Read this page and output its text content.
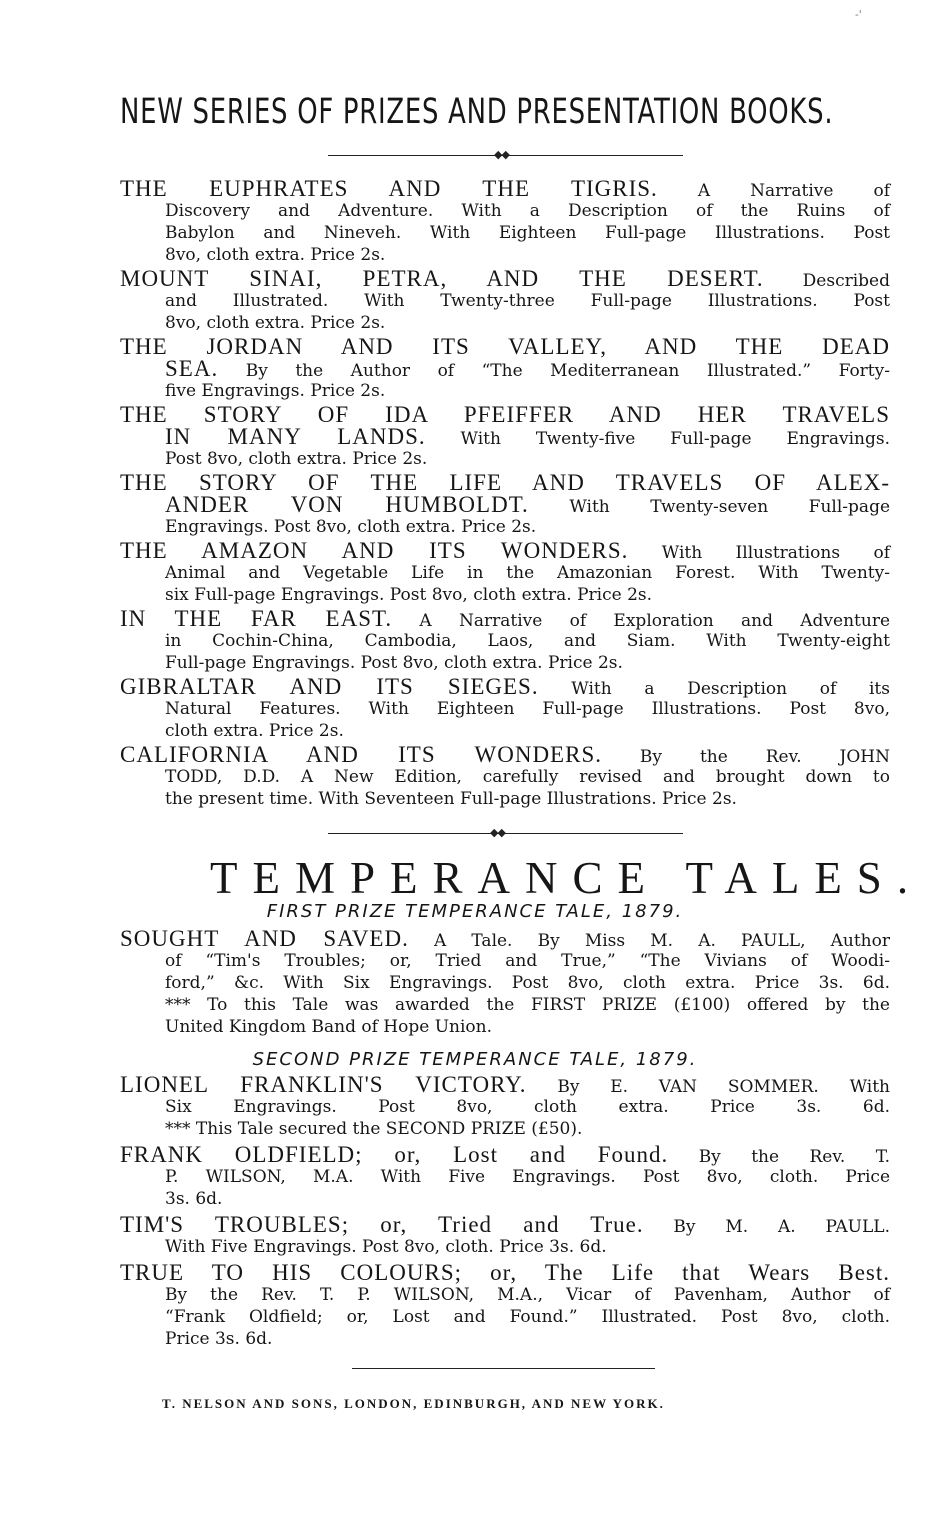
NEW SERIES OF PRIZES AND PRESENTATION BOOKS.
◆◆
THE EUPHRATES AND THE TIGRIS. A Narrative of
Discovery and Adventure. With a Description of the Ruins of
Babylon and Nineveh. With Eighteen Full-page Illustrations. Post
8vo, cloth extra. Price 2s.
MOUNT SINAI, PETRA, AND THE DESERT. Described
and Illustrated. With Twenty-three Full-page Illustrations. Post
8vo, cloth extra. Price 2s.
THE JORDAN AND ITS VALLEY, AND THE DEAD
SEA. By the Author of “The Mediterranean Illustrated.” Forty-
five Engravings. Price 2s.
THE STORY OF IDA PFEIFFER AND HER TRAVELS
IN MANY LANDS. With Twenty-five Full-page Engravings.
Post 8vo, cloth extra. Price 2s.
THE STORY OF THE LIFE AND TRAVELS OF ALEX-
ANDER VON HUMBOLDT. With Twenty-seven Full-page
Engravings. Post 8vo, cloth extra. Price 2s.
THE AMAZON AND ITS WONDERS. With Illustrations of
Animal and Vegetable Life in the Amazonian Forest. With Twenty-
six Full-page Engravings. Post 8vo, cloth extra. Price 2s.
IN THE FAR EAST. A Narrative of Exploration and Adventure
in Cochin-China, Cambodia, Laos, and Siam. With Twenty-eight
Full-page Engravings. Post 8vo, cloth extra. Price 2s.
GIBRALTAR AND ITS SIEGES. With a Description of its
Natural Features. With Eighteen Full-page Illustrations. Post 8vo,
cloth extra. Price 2s.
CALIFORNIA AND ITS WONDERS. By the Rev. JOHN
TODD, D.D. A New Edition, carefully revised and brought down to
the present time. With Seventeen Full-page Illustrations. Price 2s.
◆◆
TEMPERANCE TALES.
FIRST PRIZE TEMPERANCE TALE, 1879.
SOUGHT AND SAVED. A Tale. By Miss M. A. PAULL, Author
of “Tim's Troubles; or, Tried and True,” “The Vivians of Woodi-
ford,” &c. With Six Engravings. Post 8vo, cloth extra. Price 3s. 6d.
*** To this Tale was awarded the FIRST PRIZE (£100) offered by the
United Kingdom Band of Hope Union.
SECOND PRIZE TEMPERANCE TALE, 1879.
LIONEL FRANKLIN'S VICTORY. By E. VAN SOMMER. With
Six Engravings. Post 8vo, cloth extra. Price 3s. 6d.
*** This Tale secured the SECOND PRIZE (£50).
FRANK OLDFIELD; or, Lost and Found. By the Rev. T.
P. WILSON, M.A. With Five Engravings. Post 8vo, cloth. Price
3s. 6d.
TIM'S TROUBLES; or, Tried and True. By M. A. PAULL.
With Five Engravings. Post 8vo, cloth. Price 3s. 6d.
TRUE TO HIS COLOURS; or, The Life that Wears Best.
By the Rev. T. P. WILSON, M.A., Vicar of Pavenham, Author of
“Frank Oldfield; or, Lost and Found.” Illustrated. Post 8vo, cloth.
Price 3s. 6d.
T. NELSON AND SONS, LONDON, EDINBURGH, AND NEW YORK.
-'
